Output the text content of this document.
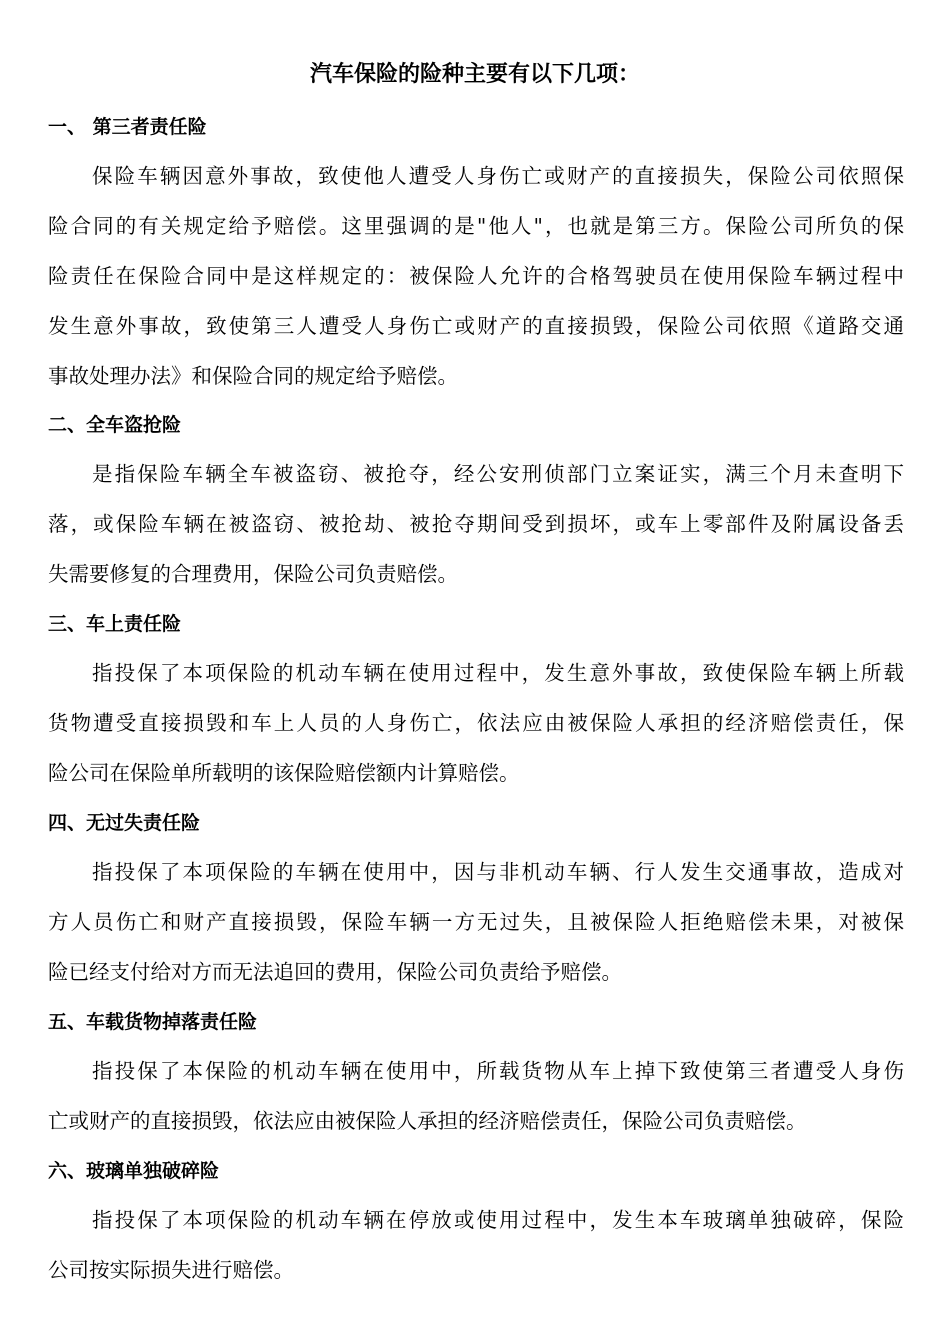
汽车保险的险种主要有以下几项：
一、 第三者责任险
保险车辆因意外事故，致使他人遭受人身伤亡或财产的直接损失，保险公司依照保
险合同的有关规定给予赔偿。这里强调的是"他人"，也就是第三方。保险公司所负的保
险责任在保险合同中是这样规定的：被保险人允许的合格驾驶员在使用保险车辆过程中
发生意外事故，致使第三人遭受人身伤亡或财产的直接损毁，保险公司依照《道路交通
事故处理办法》和保险合同的规定给予赔偿。
二、全车盗抢险
是指保险车辆全车被盗窃、被抢夺，经公安刑侦部门立案证实，满三个月未查明下
落，或保险车辆在被盗窃、被抢劫、被抢夺期间受到损坏，或车上零部件及附属设备丢
失需要修复的合理费用，保险公司负责赔偿。
三、车上责任险
指投保了本项保险的机动车辆在使用过程中，发生意外事故，致使保险车辆上所载
货物遭受直接损毁和车上人员的人身伤亡，依法应由被保险人承担的经济赔偿责任，保
险公司在保险单所载明的该保险赔偿额内计算赔偿。
四、无过失责任险
指投保了本项保险的车辆在使用中，因与非机动车辆、行人发生交通事故，造成对
方人员伤亡和财产直接损毁，保险车辆一方无过失，且被保险人拒绝赔偿未果，对被保
险已经支付给对方而无法追回的费用，保险公司负责给予赔偿。
五、车载货物掉落责任险
指投保了本保险的机动车辆在使用中，所载货物从车上掉下致使第三者遭受人身伤
亡或财产的直接损毁，依法应由被保险人承担的经济赔偿责任，保险公司负责赔偿。
六、玻璃单独破碎险
指投保了本项保险的机动车辆在停放或使用过程中，发生本车玻璃单独破碎，保险
公司按实际损失进行赔偿。
